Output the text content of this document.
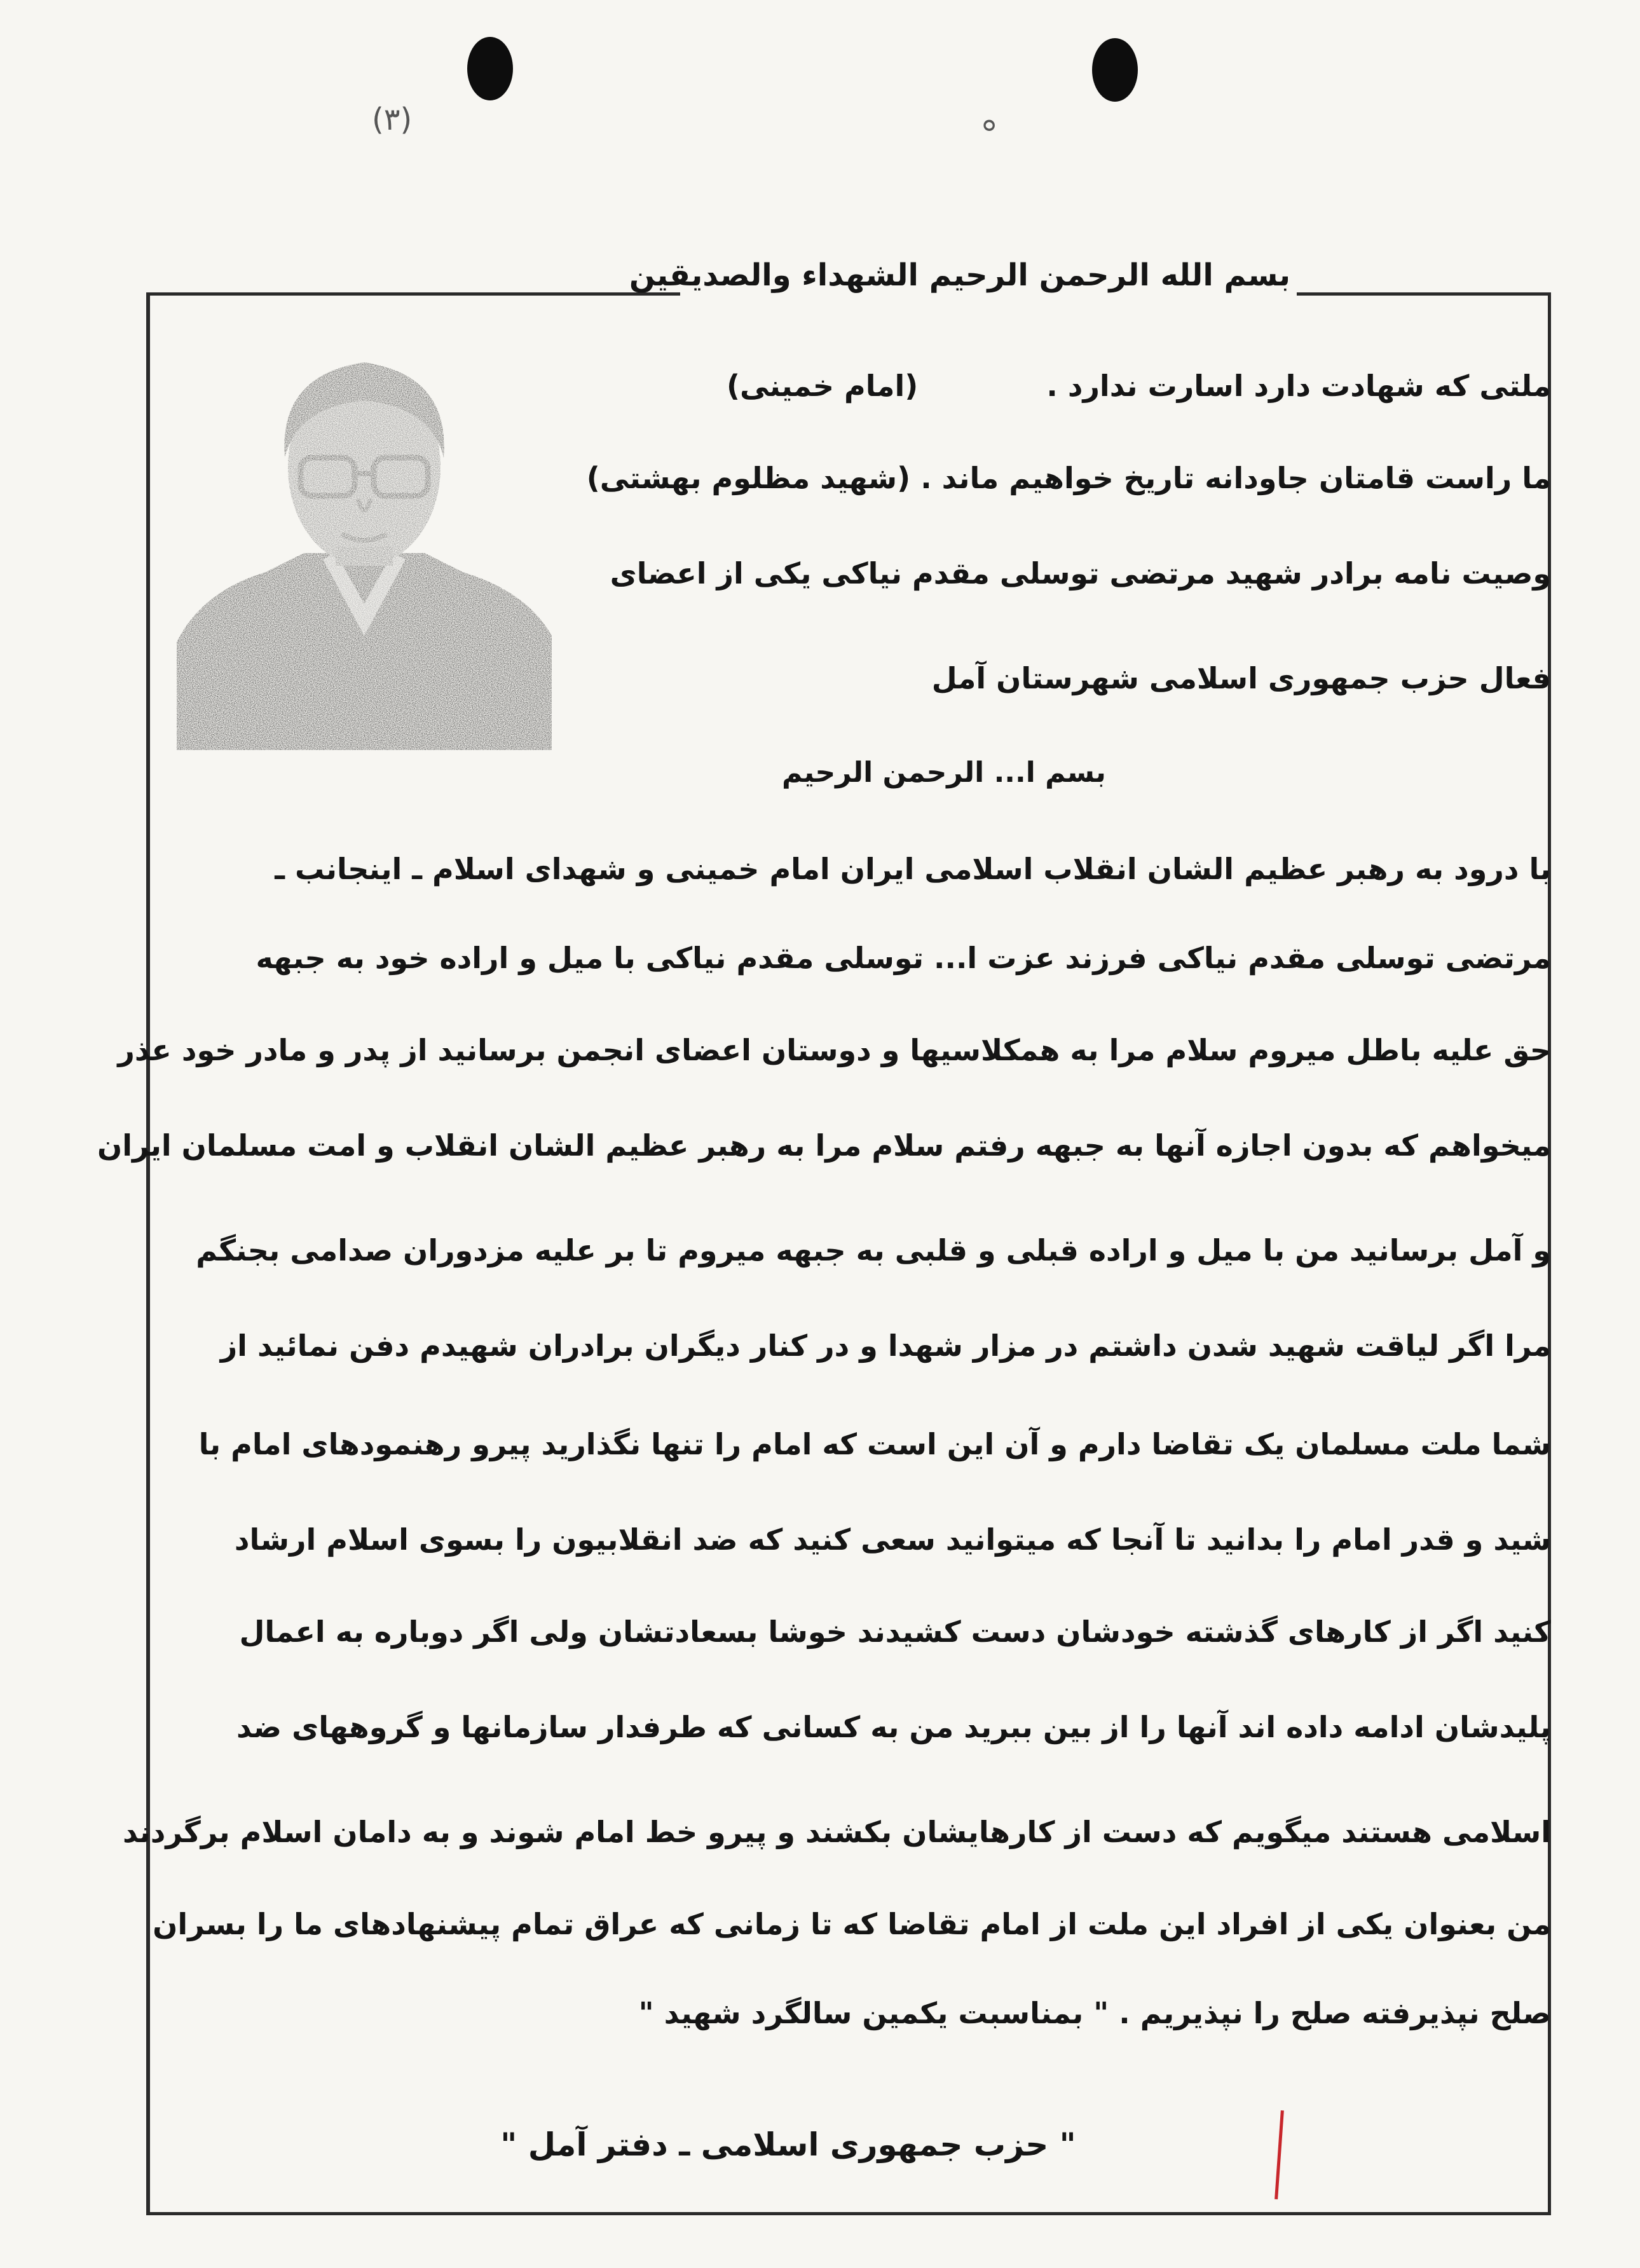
(٣)	ܘ
بسم الله الرحمن الرحیم الشهداء والصدیقین
ملتی که شهادت دارد اسارت ندارد .  (امام خمینی)
ما راست قامتان جاودانه تاریخ خواهیم ماند . (شهید مظلوم بهشتی)
وصیت نامه برادر شهید مرتضی توسلی مقدم نیاکی یکی از اعضای
فعال حزب جمهوری اسلامی شهرستان آمل
بسم ا... الرحمن الرحیم
با درود به رهبر عظیم الشان انقلاب اسلامی ایران امام خمینی و شهدای اسلام ـ اینجانب ـ
مرتضی توسلی مقدم نیاکی فرزند عزت ا... توسلی مقدم نیاکی با میل و اراده خود به جبهه
حق علیه باطل میروم سلام مرا به همکلاسیها و دوستان اعضای انجمن برسانید از پدر و مادر خود عذر
میخواهم که بدون اجازه آنها به جبهه رفتم سلام مرا به رهبر عظیم الشان انقلاب و امت مسلمان ایران
و آمل برسانید من با میل و اراده قبلی و قلبی به جبهه میروم تا بر علیه مزدوران صدامی بجنگم
مرا اگر لیاقت شهید شدن داشتم در مزار شهدا و در کنار دیگران برادران شهیدم دفن نمائید از
شما ملت مسلمان یک تقاضا دارم و آن این است که امام را تنها نگذارید پیرو رهنمودهای امام با
شید و قدر امام را بدانید تا آنجا که میتوانید سعی کنید که ضد انقلابیون را بسوی اسلام ارشاد
کنید اگر از کارهای گذشته خودشان دست کشیدند خوشا بسعادتشان ولی اگر دوباره به اعمال
پلیدشان ادامه داده اند آنها را از بین ببرید من به کسانی که طرفدار سازمانها و گروههای ضد
اسلامی هستند میگویم که دست از کارهایشان بکشند و پیرو خط امام شوند و به دامان اسلام برگردند
من بعنوان یکی از افراد این ملت از امام تقاضا که تا زمانی که عراق تمام پیشنهادهای ما را بسران
صلح نپذیرفته صلح را نپذیریم . " بمناسبت یکمین سالگرد شهید "
" حزب جمهوری اسلامی ـ دفتر آمل "
